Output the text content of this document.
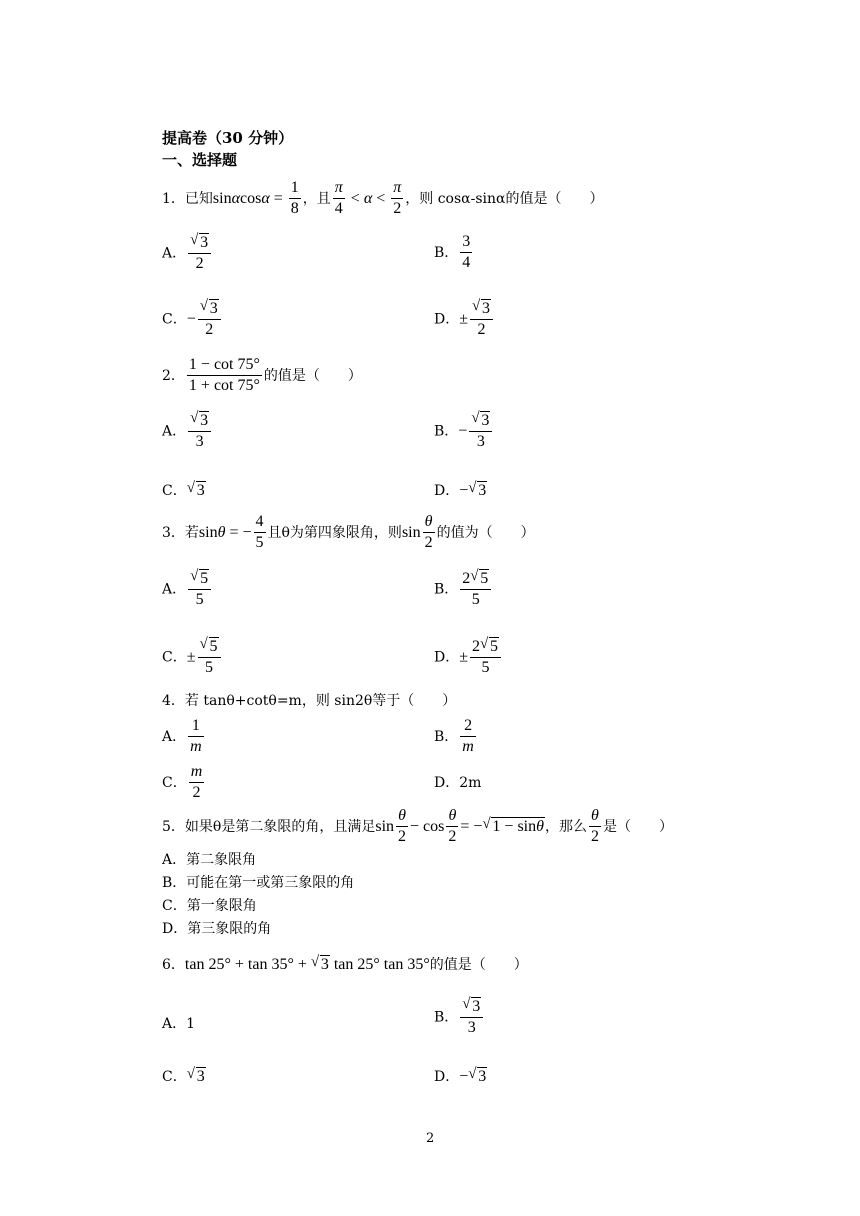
提高卷（30 分钟）
一、选择题
1．已知$\sin\alpha\cos\alpha = \frac{1}{8}$ ，且 $\frac{\pi}{4} < \alpha < \frac{\pi}{2}$ ，则 cosα-sinα的值是（　　）
A． √ $\frac{3}{2}$	B． $\frac{3}{4}$
C．− √ $\frac{3}{2}$	D．± √ $\frac{3}{2}$
2． $\frac{1 - \cot 75^\circ}{1 + \cot 75^\circ}$ 的值是（　　）
A． √ $\frac{3}{3}$	B．− √ $\frac{3}{3}$
C． √ 3	D．− √ 3
3．若sinθ = − $\frac{4}{5}$ 且θ为第四象限角，则$\sin \frac{\theta}{2}$ 的值为（　　）
A． √ $\frac{5}{5}$	B． $\frac{2 √ 5}{5}$
C．± √ $\frac{5}{5}$	D．± $\frac{2 √ 5}{5}$
4．若 tanθ+cotθ=m，则 sin2θ等于（　　）
A． $\frac{1}{m}$	B． $\frac{2}{m}$
C． $\frac{m}{2}$	D．2m
5．如果θ是第二象限的角，且满足$\sin \frac{\theta}{2} - \cos \frac{\theta}{2}$ = − √ 1 − sinθ，那么 $\frac{\theta}{2}$ 是（　　）
A．第二象限角
B．可能在第一或第三象限的角
C．第一象限角
D．第三象限的角
6．tan 25° + tan 35° + √ 3 tan 25° tan 35°的值是（　　）
A．1	B． √ $\frac{3}{3}$
C． √ 3	D．− √ 3
2
